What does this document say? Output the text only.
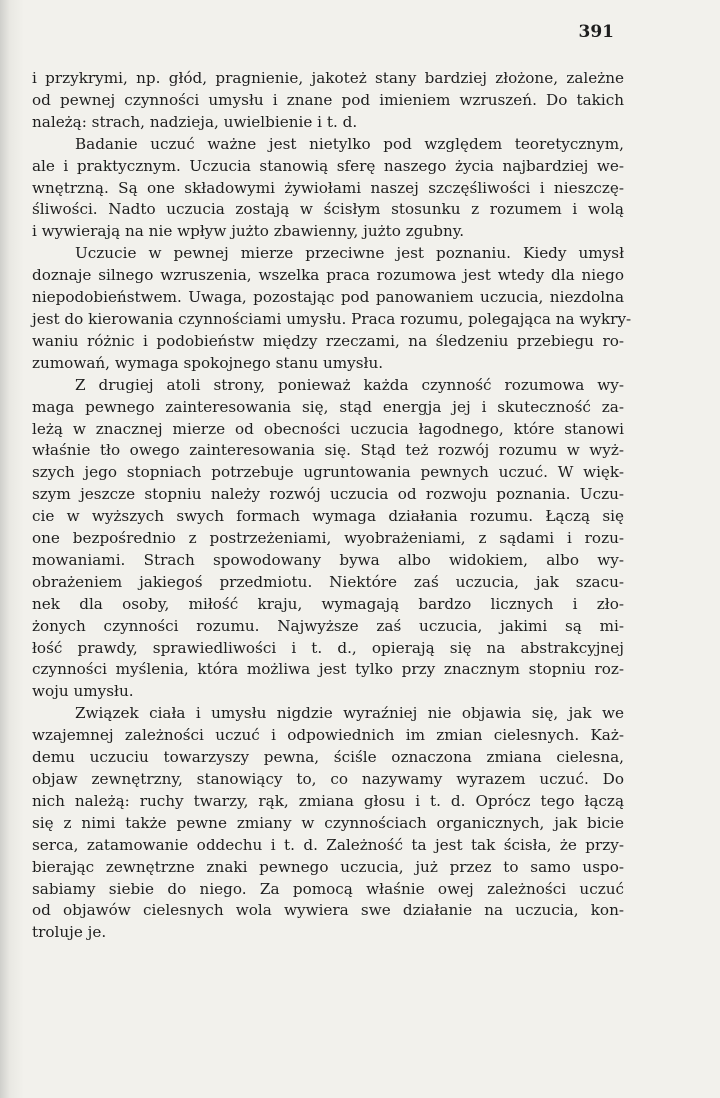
391

i przykrymi, np. głód, pragnienie, jakoteż stany bardziej złożone, zależne
od pewnej czynności umysłu i znane pod imieniem wzruszeń. Do takich
należą: strach, nadzieja, uwielbienie i t. d.

Badanie uczuć ważne jest nietylko pod względem teoretycznym,
ale i praktycznym. Uczucia stanowią sferę naszego życia najbardziej we-
wnętrzną. Są one składowymi żywiołami naszej szczęśliwości i nieszczę-
śliwości. Nadto uczucia zostają w ścisłym stosunku z rozumem i wolą
i wywierają na nie wpływ jużto zbawienny, jużto zgubny.

Uczucie w pewnej mierze przeciwne jest poznaniu. Kiedy umysł
doznaje silnego wzruszenia, wszelka praca rozumowa jest wtedy dla niego
niepodobieństwem. Uwaga, pozostając pod panowaniem uczucia, niezdolna
jest do kierowania czynnościami umysłu. Praca rozumu, polegająca na wykry-
waniu różnic i podobieństw między rzeczami, na śledzeniu przebiegu ro-
zumowań, wymaga spokojnego stanu umysłu.

Z drugiej atoli strony, ponieważ każda czynność rozumowa wy-
maga pewnego zainteresowania się, stąd energja jej i skuteczność za-
leżą w znacznej mierze od obecności uczucia łagodnego, które stanowi
właśnie tło owego zainteresowania się. Stąd też rozwój rozumu w wyż-
szych jego stopniach potrzebuje ugruntowania pewnych uczuć. W więk-
szym jeszcze stopniu należy rozwój uczucia od rozwoju poznania. Uczu-
cie w wyższych swych formach wymaga działania rozumu. Łączą się
one bezpośrednio z postrzeżeniami, wyobrażeniami, z sądami i rozu-
mowaniami. Strach spowodowany bywa albo widokiem, albo wy-
obrażeniem jakiegoś przedmiotu. Niektóre zaś uczucia, jak szacu-
nek dla osoby, miłość kraju, wymagają bardzo licznych i zło-
żonych czynności rozumu. Najwyższe zaś uczucia, jakimi są mi-
łość prawdy, sprawiedliwości i t. d., opierają się na abstrakcyjnej
czynności myślenia, która możliwa jest tylko przy znacznym stopniu roz-
woju umysłu.

Związek ciała i umysłu nigdzie wyraźniej nie objawia się, jak we
wzajemnej zależności uczuć i odpowiednich im zmian cielesnych. Każ-
demu uczuciu towarzyszy pewna, ściśle oznaczona zmiana cielesna,
objaw zewnętrzny, stanowiący to, co nazywamy wyrazem uczuć. Do
nich należą: ruchy twarzy, rąk, zmiana głosu i t. d. Oprócz tego łączą
się z nimi także pewne zmiany w czynnościach organicznych, jak bicie
serca, zatamowanie oddechu i t. d. Zależność ta jest tak ścisła, że przy-
bierając zewnętrzne znaki pewnego uczucia, już przez to samo uspo-
sabiamy siebie do niego. Za pomocą właśnie owej zależności uczuć
od objawów cielesnych wola wywiera swe działanie na uczucia, kon-
troluje je.
